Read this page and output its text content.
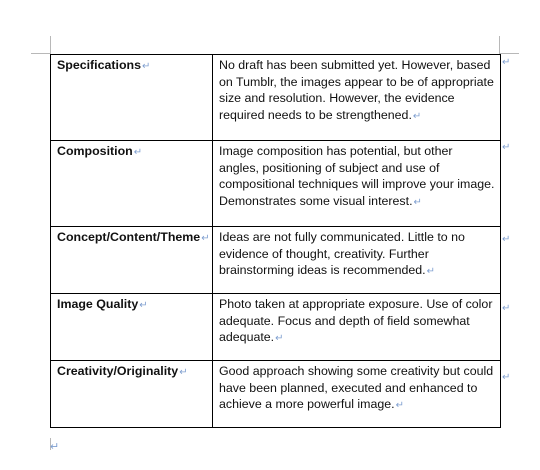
Specifications↵	No draft has been submitted yet. However, based on Tumblr, the images appear to be of appropriate size and resolution. However, the evidence required needs to be strengthened.↵
Composition↵	Image composition has potential, but other angles, positioning of subject and use of compositional techniques will improve your image. Demonstrates some visual interest.↵
Concept/Content/Theme↵	Ideas are not fully communicated. Little to no evidence of thought, creativity. Further brainstorming ideas is recommended.↵
Image Quality↵	Photo taken at appropriate exposure. Use of color adequate. Focus and depth of field somewhat adequate.↵
Creativity/Originality↵	Good approach showing some creativity but could have been planned, executed and enhanced to achieve a more powerful image.↵
↵
↵
↵
↵
↵
↵
